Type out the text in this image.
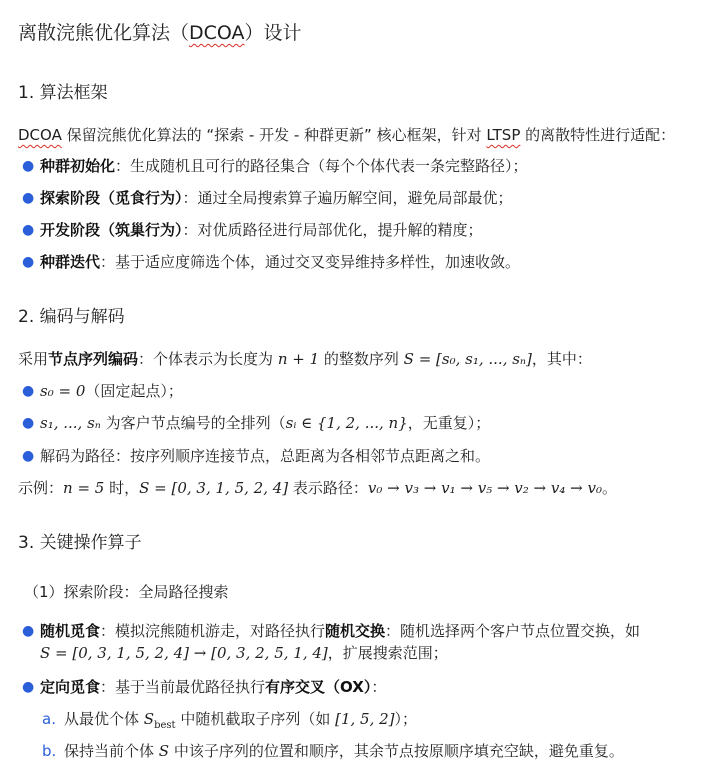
离散浣熊优化算法（DCOA）设计
1. 算法框架
DCOA 保留浣熊优化算法的 “探索 - 开发 - 种群更新” 核心框架，针对 LTSP 的离散特性进行适配：
● 种群初始化：生成随机且可行的路径集合（每个个体代表一条完整路径）；
● 探索阶段（觅食行为）：通过全局搜索算子遍历解空间，避免局部最优；
● 开发阶段（筑巢行为）：对优质路径进行局部优化，提升解的精度；
● 种群迭代：基于适应度筛选个体，通过交叉变异维持多样性，加速收敛。
2. 编码与解码
采用节点序列编码：个体表示为长度为 n + 1 的整数序列 S = [s₀, s₁, ..., sₙ]，其中：
● s₀ = 0（固定起点）；
● s₁, ..., sₙ 为客户节点编号的全排列（sᵢ ∈ {1, 2, ..., n}，无重复）；
● 解码为路径：按序列顺序连接节点，总距离为各相邻节点距离之和。
示例：n = 5 时，S = [0, 3, 1, 5, 2, 4] 表示路径：v₀ → v₃ → v₁ → v₅ → v₂ → v₄ → v₀。
3. 关键操作算子
（1）探索阶段：全局路径搜索
● 随机觅食：模拟浣熊随机游走，对路径执行随机交换：随机选择两个客户节点位置交换，如
S = [0, 3, 1, 5, 2, 4] → [0, 3, 2, 5, 1, 4]，扩展搜索范围；
● 定向觅食：基于当前最优路径执行有序交叉（OX）：
a. 从最优个体 $S_{best}$ 中随机截取子序列（如 [1, 5, 2]）；
b. 保持当前个体 S 中该子序列的位置和顺序，其余节点按原顺序填充空缺，避免重复。
